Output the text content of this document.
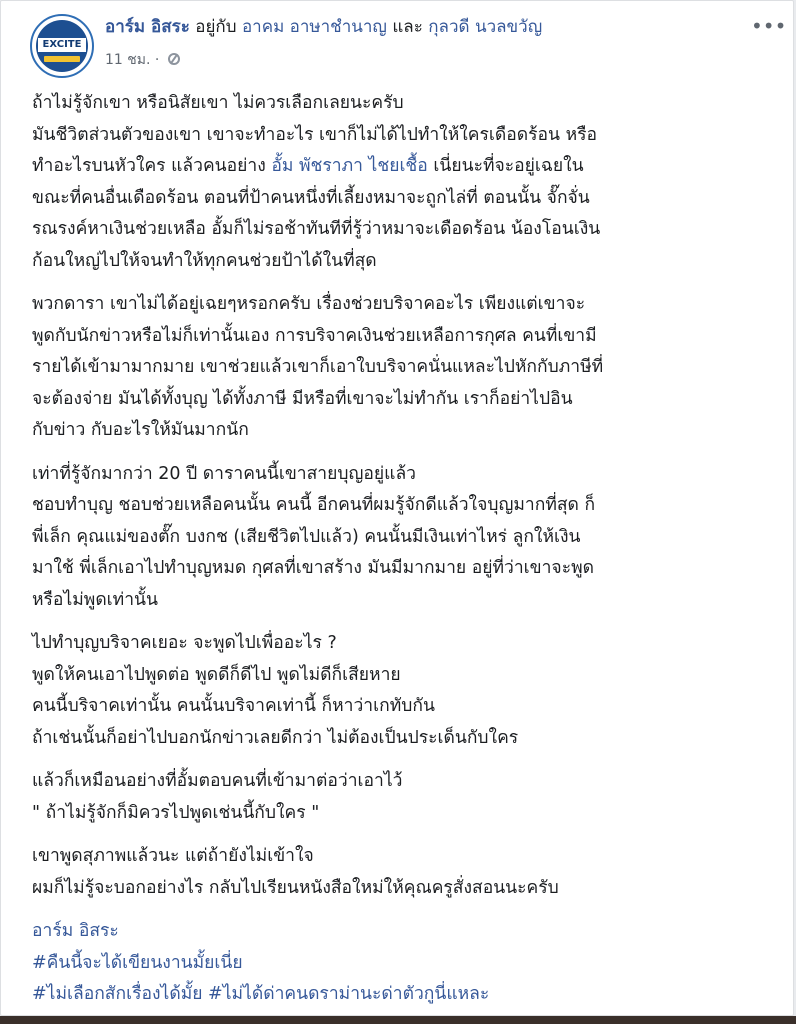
EXCITE
อาร์ม อิสระ อยู่กับ อาคม อาษาชำนาญ และ กุลวดี นวลขวัญ
11 ชม. ·
•••
ถ้าไม่รู้จักเขา หรือนิสัยเขา ไม่ควรเลือกเลยนะครับ
มันชีวิตส่วนตัวของเขา เขาจะทำอะไร เขาก็ไม่ได้ไปทำให้ใครเดือดร้อน หรือ
ทำอะไรบนหัวใคร แล้วคนอย่าง อั้ม พัชราภา ไชยเชื้อ เนี่ยนะที่จะอยู่เฉยใน
ขณะที่คนอื่นเดือดร้อน ตอนที่ป้าคนหนึ่งที่เลี้ยงหมาจะถูกไล่ที่ ตอนนั้น จั๊กจั่น
รณรงค์หาเงินช่วยเหลือ อั้มก็ไม่รอช้าทันทีที่รู้ว่าหมาจะเดือดร้อน น้องโอนเงิน
ก้อนใหญ่ไปให้จนทำให้ทุกคนช่วยป้าได้ในที่สุด
พวกดารา เขาไม่ได้อยู่เฉยๆหรอกครับ เรื่องช่วยบริจาคอะไร เพียงแต่เขาจะ
พูดกับนักข่าวหรือไม่ก็เท่านั้นเอง การบริจาคเงินช่วยเหลือการกุศล คนที่เขามี
รายได้เข้ามามากมาย เขาช่วยแล้วเขาก็เอาใบบริจาคนั่นแหละไปหักกับภาษีที่
จะต้องจ่าย มันได้ทั้งบุญ ได้ทั้งภาษี มีหรือที่เขาจะไม่ทำกัน เราก็อย่าไปอิน
กับข่าว กับอะไรให้มันมากนัก
เท่าที่รู้จักมากว่า 20 ปี ดาราคนนี้เขาสายบุญอยู่แล้ว
ชอบทำบุญ ชอบช่วยเหลือคนนั้น คนนี้ อีกคนที่ผมรู้จักดีแล้วใจบุญมากที่สุด ก็
พี่เล็ก คุณแม่ของตั๊ก บงกช (เสียชีวิตไปแล้ว) คนนั้นมีเงินเท่าไหร่ ลูกให้เงิน
มาใช้ พี่เล็กเอาไปทำบุญหมด กุศลที่เขาสร้าง มันมีมากมาย อยู่ที่ว่าเขาจะพูด
หรือไม่พูดเท่านั้น
ไปทำบุญบริจาคเยอะ จะพูดไปเพื่ออะไร ?
พูดให้คนเอาไปพูดต่อ พูดดีก็ดีไป พูดไม่ดีก็เสียหาย
คนนี้บริจาคเท่านั้น คนนั้นบริจาคเท่านี้ ก็หาว่าเกทับกัน
ถ้าเช่นนั้นก็อย่าไปบอกนักข่าวเลยดีกว่า ไม่ต้องเป็นประเด็นกับใคร
แล้วก็เหมือนอย่างที่อั้มตอบคนที่เข้ามาต่อว่าเอาไว้
" ถ้าไม่รู้จักก็มิควรไปพูดเช่นนี้กับใคร "
เขาพูดสุภาพแล้วนะ แต่ถ้ายังไม่เข้าใจ
ผมก็ไม่รู้จะบอกอย่างไร กลับไปเรียนหนังสือใหม่ให้คุณครูสั่งสอนนะครับ
อาร์ม อิสระ
#คืนนี้จะได้เขียนงานมั้ยเนี่ย
#ไม่เลือกสักเรื่องได้มั้ย #ไม่ได้ด่าคนดราม่านะด่าตัวกูนี่แหละ
